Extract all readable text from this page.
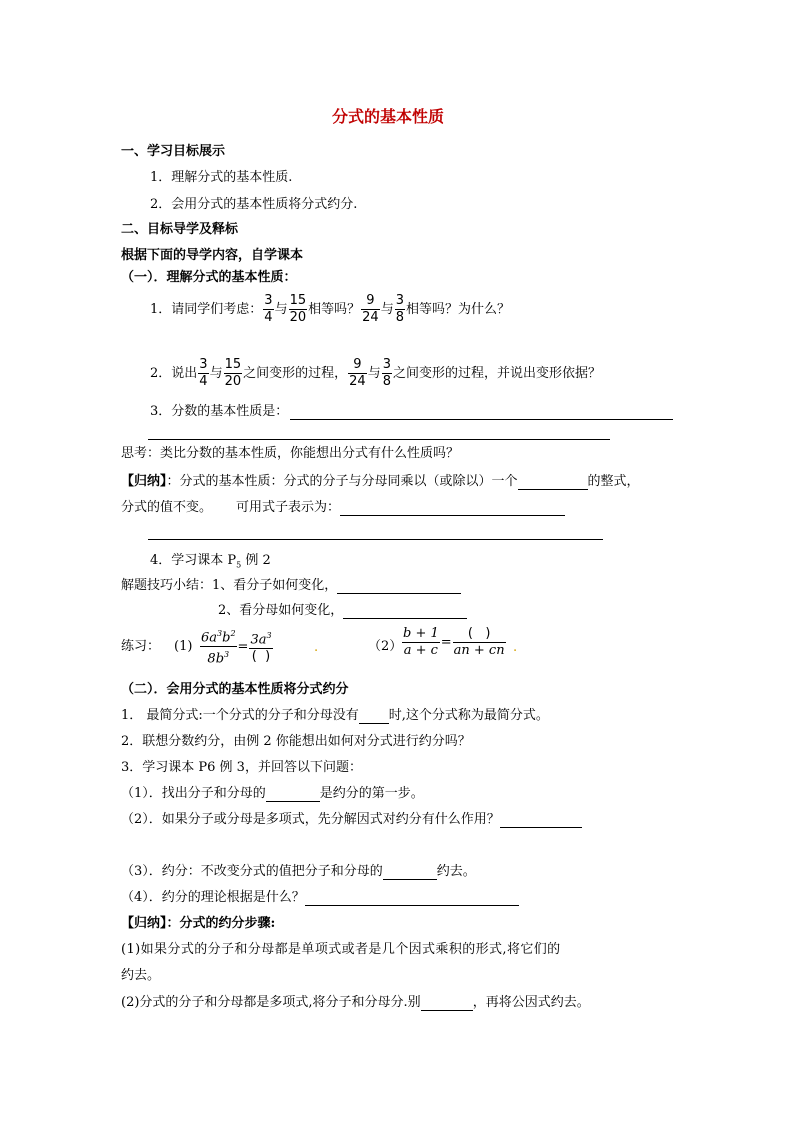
分式的基本性质
一、学习目标展示
1．理解分式的基本性质.
2．会用分式的基本性质将分式约分.
二、目标导学及释标
根据下面的导学内容，自学课本
（一）．理解分式的基本性质：
1．请同学们考虑： $\frac{3}{4}$ 与 $\frac{15}{20}$ 相等吗？ $\frac{9}{24}$ 与 $\frac{3}{8}$ 相等吗？为什么？
2．说出 $\frac{3}{4}$ 与 $\frac{15}{20}$ 之间变形的过程， $\frac{9}{24}$ 与 $\frac{3}{8}$ 之间变形的过程，并说出变形依据？
3．分数的基本性质是：
思考：类比分数的基本性质，你能想出分式有什么性质吗？
【归纳】：分式的基本性质：分式的分子与分母同乘以（或除以）一个	的整式，
分式的值不变。 可用式子表示为：
4．学习课本 $P_5$ 例 2
解题技巧小结：1、看分子如何变化，
2、看分母如何变化，
练习： $(1) \frac{6a^3b^2}{8b^3} = \frac{3a^3}{( )}$	.	$(2) \frac{b + 1}{a + c} = \frac{( )}{an + cn}$ .
（二）．会用分式的基本性质将分式约分
1． 最简分式:一个分式的分子和分母没有 时,这个分式称为最简分式。
2．联想分数约分，由例 2 你能想出如何对分式进行约分吗？
3．学习课本 P6 例 3，并回答以下问题：
（1）．找出分子和分母的	是约分的第一步。
（2）．如果分子或分母是多项式，先分解因式对约分有什么作用？
（3）．约分：不改变分式的值把分子和分母的	约去。
（4）．约分的理论根据是什么？
【归纳】：分式的约分步骤:
(1)如果分式的分子和分母都是单项式或者是几个因式乘积的形式,将它们的
约去。
(2)分式的分子和分母都是多项式,将分子和分母分.别	，再将公因式约去。
